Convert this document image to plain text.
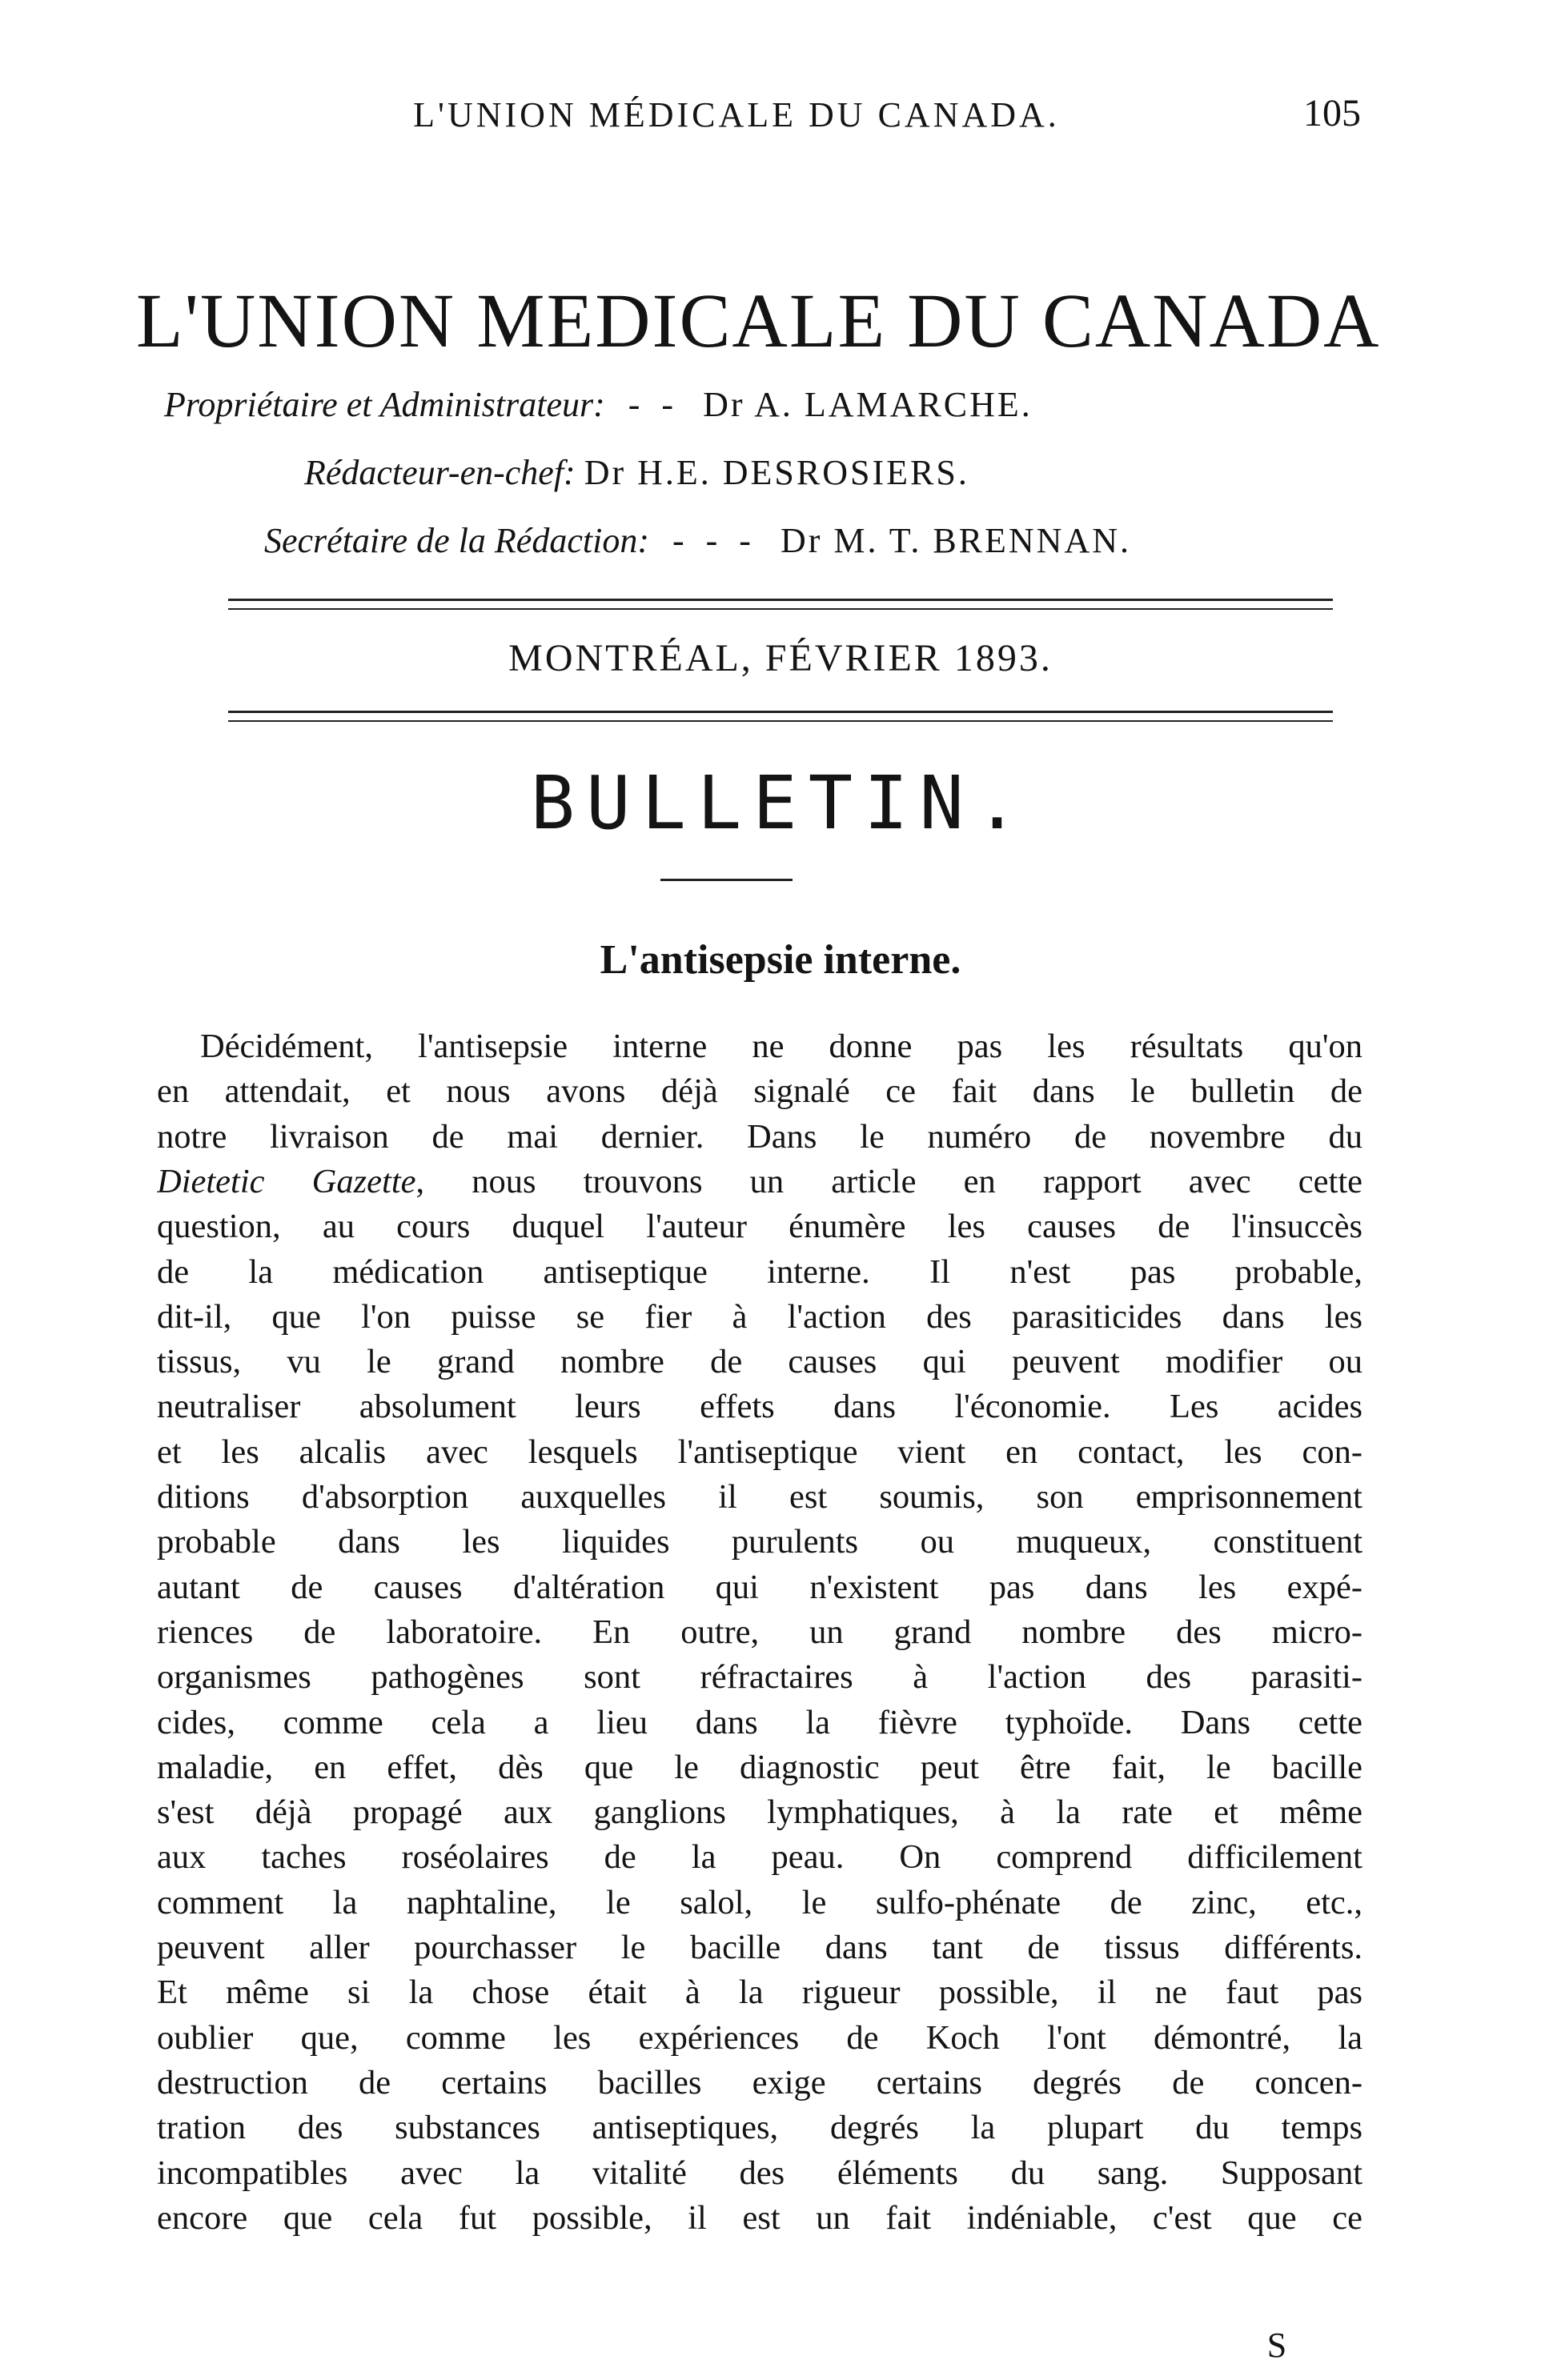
L'UNION MÉDICALE DU CANADA.	105
L'UNION MEDICALE DU CANADA
Propriétaire et Administrateur: - - Dr A. LAMARCHE.
Rédacteur-en-chef: Dr H.E. DESROSIERS.
Secrétaire de la Rédaction: - - - Dr M. T. BRENNAN.
MONTRÉAL, FÉVRIER 1893.
BULLETIN.
L'antisepsie interne.
Décidément, l'antisepsie interne ne donne pas les résultats qu'on
en attendait, et nous avons déjà signalé ce fait dans le bulletin de
notre livraison de mai dernier. Dans le numéro de novembre du
Dietetic Gazette, nous trouvons un article en rapport avec cette
question, au cours duquel l'auteur énumère les causes de l'insuccès
de la médication antiseptique interne. Il n'est pas probable,
dit-il, que l'on puisse se fier à l'action des parasiticides dans les
tissus, vu le grand nombre de causes qui peuvent modifier ou
neutraliser absolument leurs effets dans l'économie. Les acides
et les alcalis avec lesquels l'antiseptique vient en contact, les con-
ditions d'absorption auxquelles il est soumis, son emprisonnement
probable dans les liquides purulents ou muqueux, constituent
autant de causes d'altération qui n'existent pas dans les expé-
riences de laboratoire. En outre, un grand nombre des micro-
organismes pathogènes sont réfractaires à l'action des parasiti-
cides, comme cela a lieu dans la fièvre typhoïde. Dans cette
maladie, en effet, dès que le diagnostic peut être fait, le bacille
s'est déjà propagé aux ganglions lymphatiques, à la rate et même
aux taches roséolaires de la peau. On comprend difficilement
comment la naphtaline, le salol, le sulfo-phénate de zinc, etc.,
peuvent aller pourchasser le bacille dans tant de tissus différents.
Et même si la chose était à la rigueur possible, il ne faut pas
oublier que, comme les expériences de Koch l'ont démontré, la
destruction de certains bacilles exige certains degrés de concen-
tration des substances antiseptiques, degrés la plupart du temps
incompatibles avec la vitalité des éléments du sang. Supposant
encore que cela fut possible, il est un fait indéniable, c'est que ce
S
